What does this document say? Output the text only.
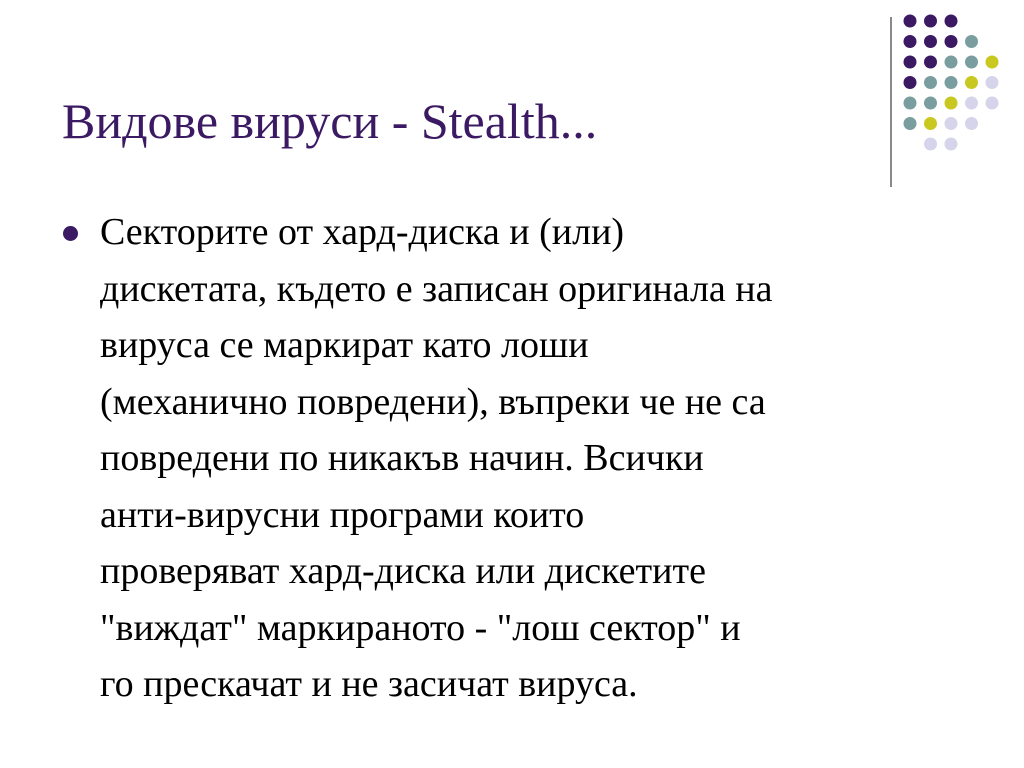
Видове вируси - Stealth...
Секторите от хард-диска и (или)
дискетата, където е записан оригинала на
вируса се маркират като лоши
(механично повредени), въпреки че не са
повредени по никакъв начин. Всички
анти-вирусни програми които
проверяват хард-диска или дискетите
"виждат" маркираното - "лош сектор" и
го прескачат и не засичат вируса.
